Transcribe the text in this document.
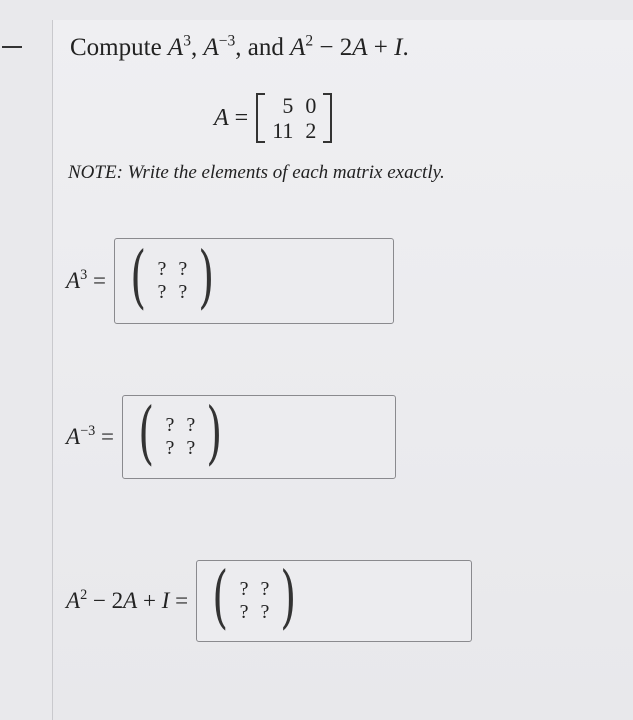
Compute $A^3$, $A^{-3}$, and $A^2 - 2A + I$.
A = 5	0
11	2
NOTE: Write the elements of each matrix exactly.
$A^3$ = ( ?	?
?	? )
$A^{-3}$ = ( ?	?
?	? )
$A^2 - 2A + I$ = ( ?	?
?	? )
